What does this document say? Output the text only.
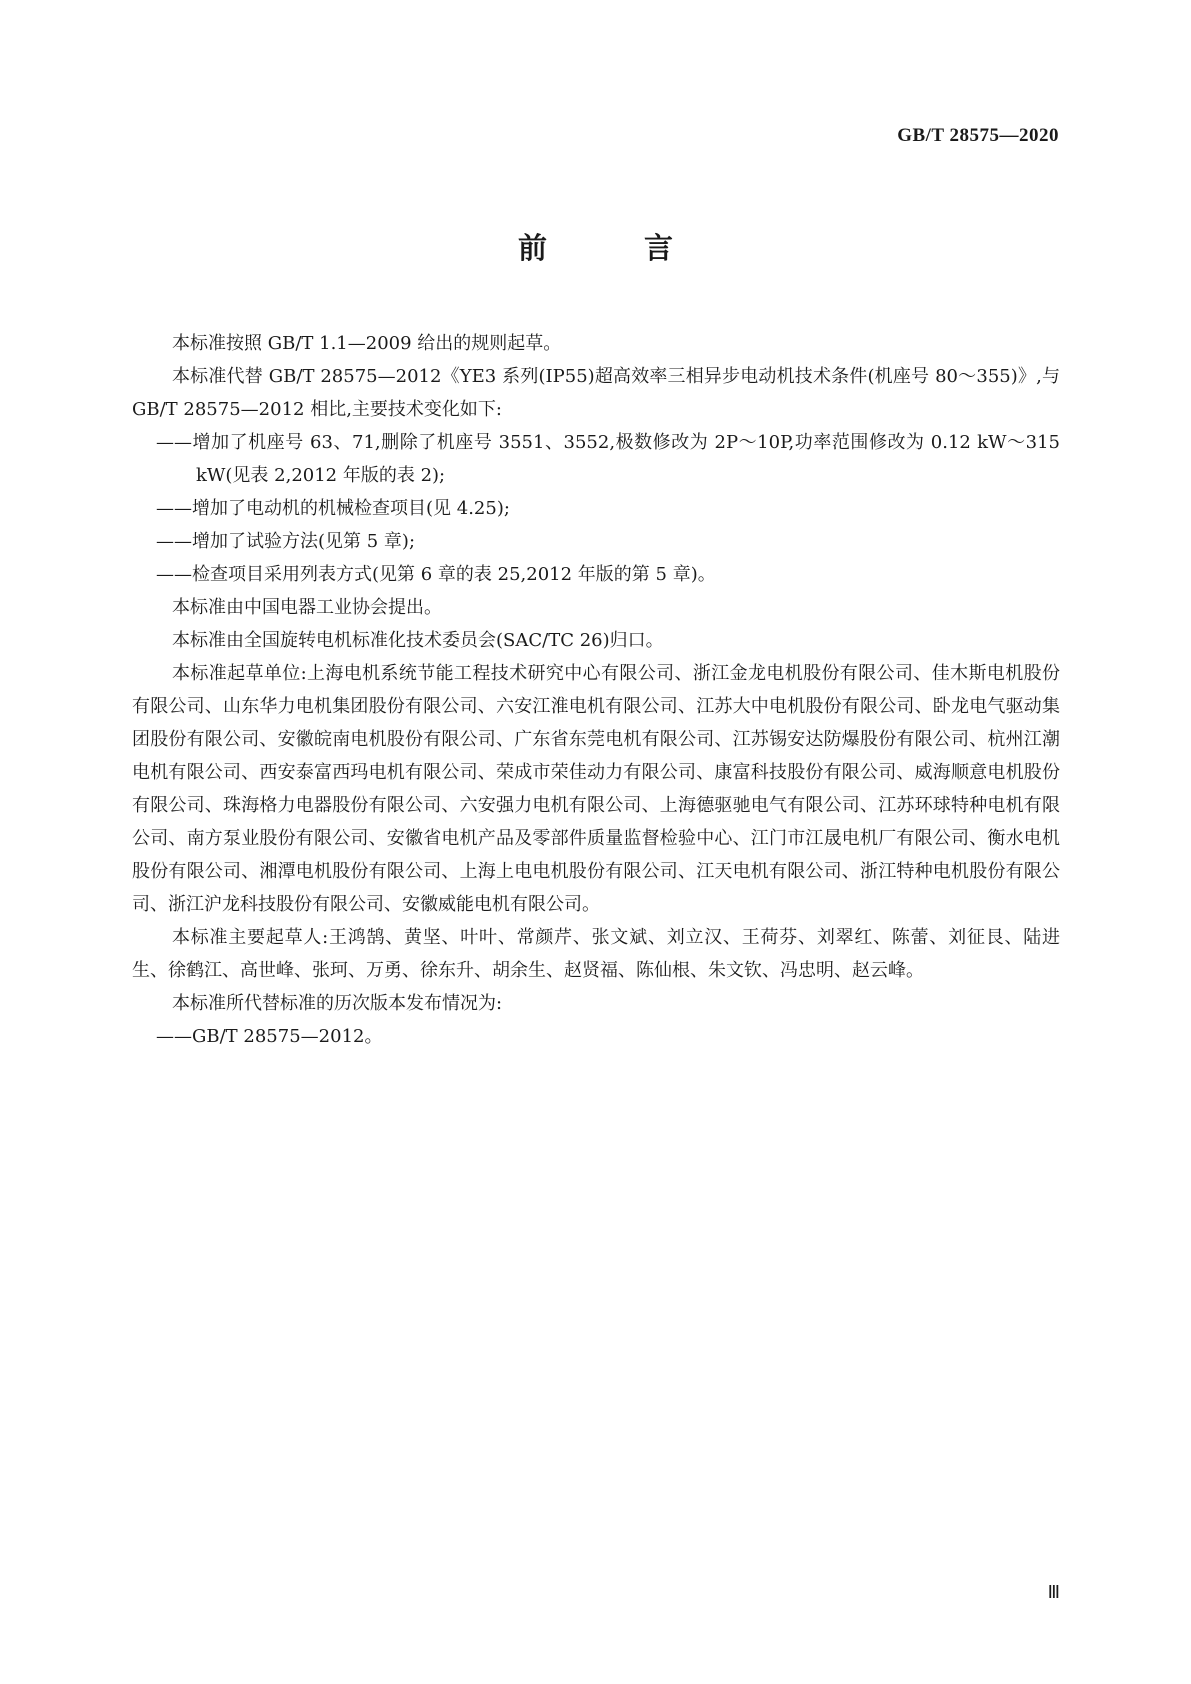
GB/T 28575—2020
前　言

本标准按照 GB/T 1.1—2009 给出的规则起草。

本标准代替 GB/T 28575—2012《YE3 系列(IP55)超高效率三相异步电动机技术条件(机座号 80～355)》,与 GB/T 28575—2012 相比,主要技术变化如下:

——增加了机座号 63、71,删除了机座号 3551、3552,极数修改为 2P～10P,功率范围修改为 0.12 kW～315 kW(见表 2,2012 年版的表 2);

——增加了电动机的机械检查项目(见 4.25);

——增加了试验方法(见第 5 章);

——检查项目采用列表方式(见第 6 章的表 25,2012 年版的第 5 章)。

本标准由中国电器工业协会提出。

本标准由全国旋转电机标准化技术委员会(SAC/TC 26)归口。

本标准起草单位:上海电机系统节能工程技术研究中心有限公司、浙江金龙电机股份有限公司、佳木斯电机股份有限公司、山东华力电机集团股份有限公司、六安江淮电机有限公司、江苏大中电机股份有限公司、卧龙电气驱动集团股份有限公司、安徽皖南电机股份有限公司、广东省东莞电机有限公司、江苏锡安达防爆股份有限公司、杭州江潮电机有限公司、西安泰富西玛电机有限公司、荣成市荣佳动力有限公司、康富科技股份有限公司、威海顺意电机股份有限公司、珠海格力电器股份有限公司、六安强力电机有限公司、上海德驱驰电气有限公司、江苏环球特种电机有限公司、南方泵业股份有限公司、安徽省电机产品及零部件质量监督检验中心、江门市江晟电机厂有限公司、衡水电机股份有限公司、湘潭电机股份有限公司、上海上电电机股份有限公司、江天电机有限公司、浙江特种电机股份有限公司、浙江沪龙科技股份有限公司、安徽威能电机有限公司。

本标准主要起草人:王鸿鹄、黄坚、叶叶、常颜芹、张文斌、刘立汉、王荷芬、刘翠红、陈蕾、刘征艮、陆进生、徐鹤江、高世峰、张珂、万勇、徐东升、胡余生、赵贤福、陈仙根、朱文钦、冯忠明、赵云峰。

本标准所代替标准的历次版本发布情况为:

——GB/T 28575—2012。

Ⅲ
